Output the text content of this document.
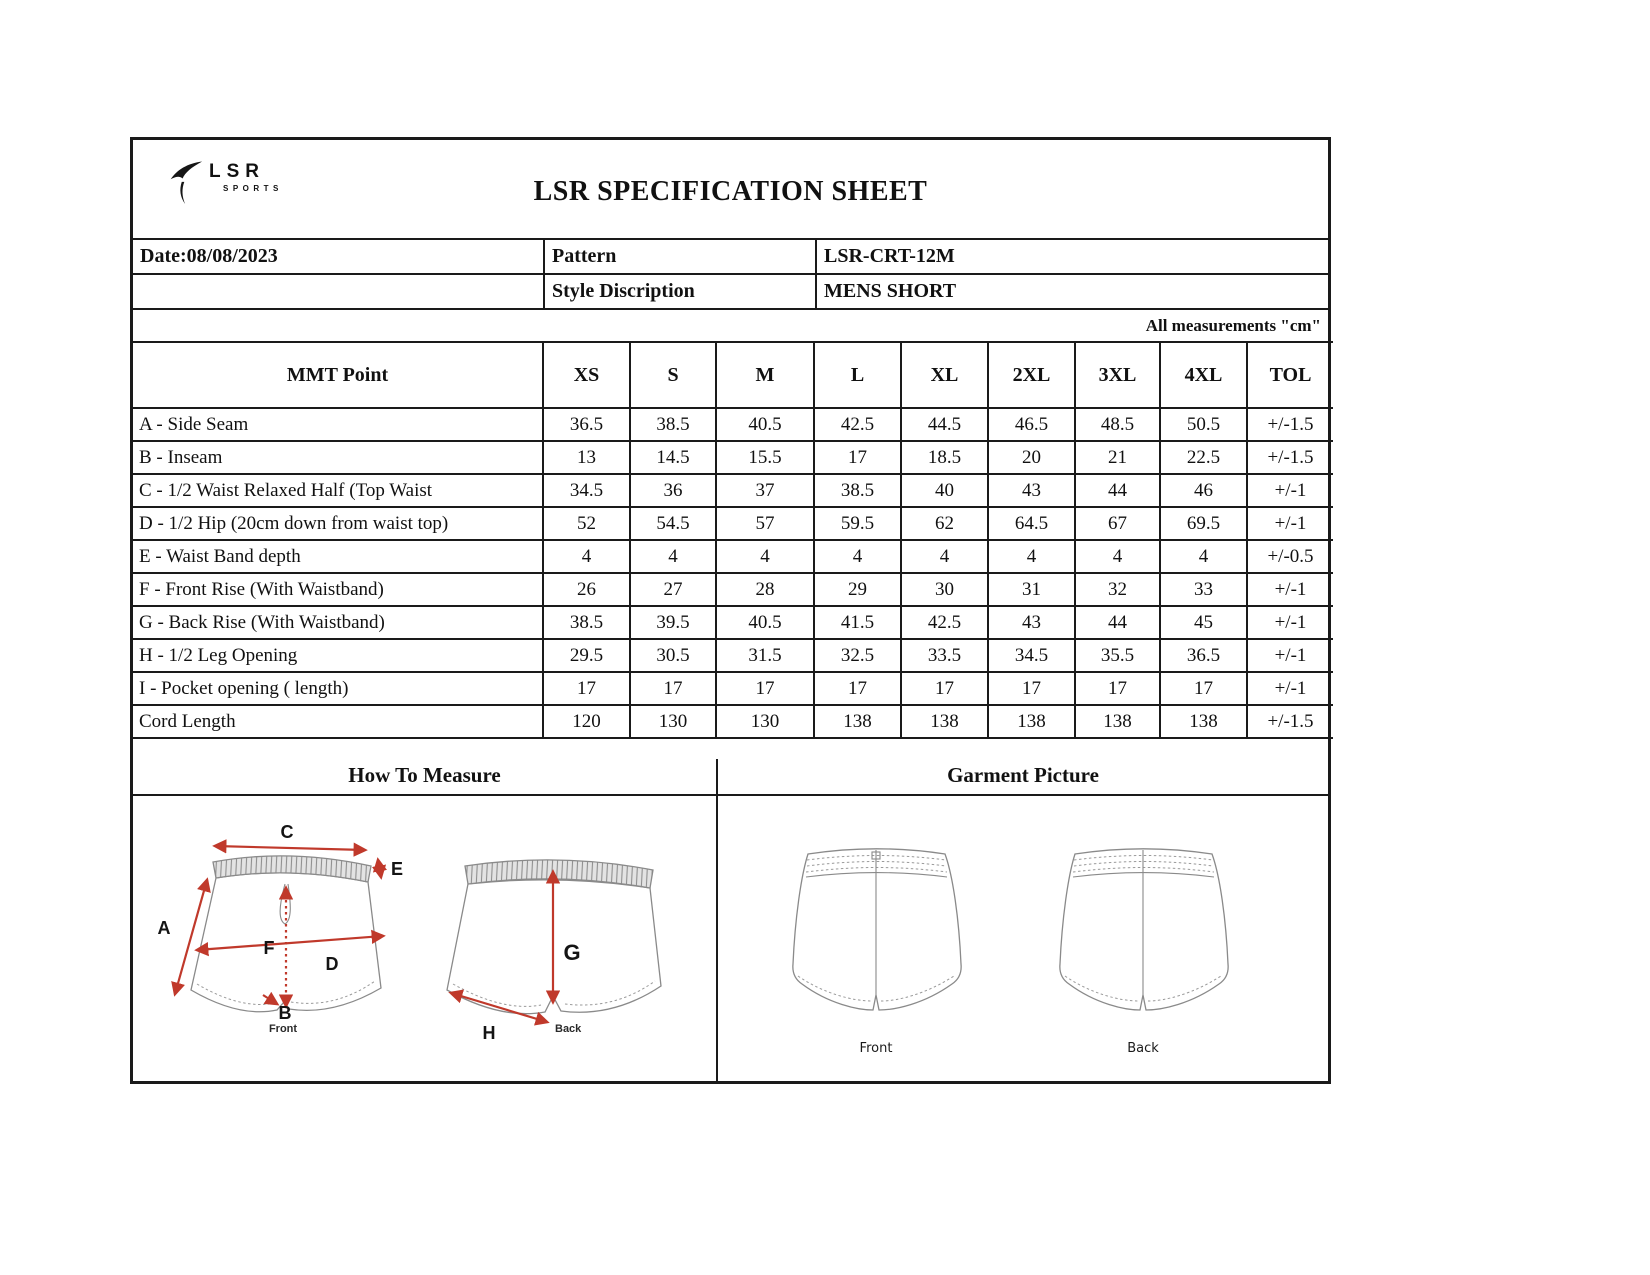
LSR
SPORTS	LSR SPECIFICATION SHEET
Date:08/08/2023	Pattern	LSR-CRT-12M
Style Discription	MENS SHORT
All measurements "cm"
MMT Point	XS	S	M	L	XL	2XL	3XL	4XL	TOL
A - Side Seam	36.5	38.5	40.5	42.5	44.5	46.5	48.5	50.5	+/-1.5
B - Inseam	13	14.5	15.5	17	18.5	20	21	22.5	+/-1.5
C - 1/2 Waist Relaxed Half (Top Waist	34.5	36	37	38.5	40	43	44	46	+/-1
D - 1/2 Hip (20cm down from waist top)	52	54.5	57	59.5	62	64.5	67	69.5	+/-1
E - Waist Band depth	4	4	4	4	4	4	4	4	+/-0.5
F - Front Rise (With Waistband)	26	27	28	29	30	31	32	33	+/-1
G - Back Rise (With Waistband)	38.5	39.5	40.5	41.5	42.5	43	44	45	+/-1
H - 1/2 Leg Opening	29.5	30.5	31.5	32.5	33.5	34.5	35.5	36.5	+/-1
I - Pocket opening ( length)	17	17	17	17	17	17	17	17	+/-1
Cord Length	120	130	130	138	138	138	138	138	+/-1.5
How To Measure	Garment Picture
C
E
A
D
F
B
Front
G
H	Back
Front	Back
